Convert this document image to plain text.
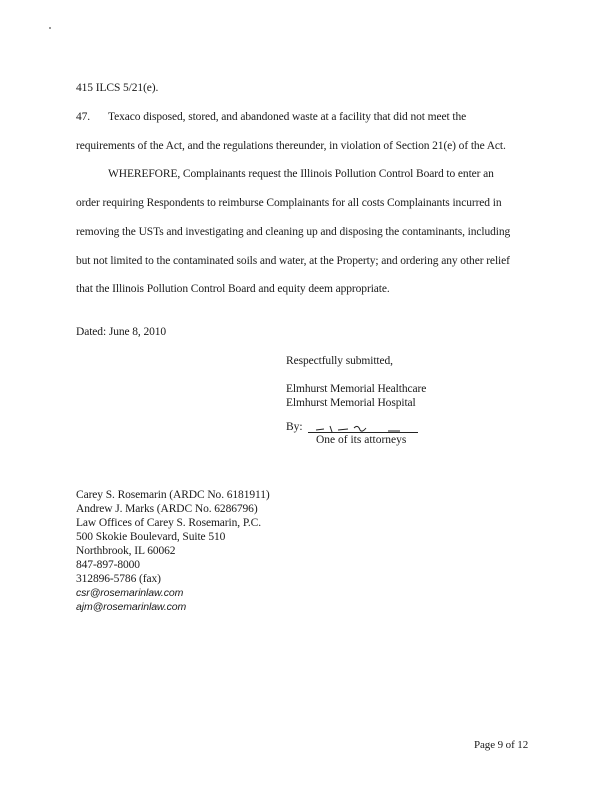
415 ILCS 5/21(e).
47. Texaco disposed, stored, and abandoned waste at a facility that did not meet the
requirements of the Act, and the regulations thereunder, in violation of Section 21(e) of the Act.
WHEREFORE, Complainants request the Illinois Pollution Control Board to enter an
order requiring Respondents to reimburse Complainants for all costs Complainants incurred in
removing the USTs and investigating and cleaning up and disposing the contaminants, including
but not limited to the contaminated soils and water, at the Property; and ordering any other relief
that the Illinois Pollution Control Board and equity deem appropriate.
Dated: June 8, 2010
Respectfully submitted,
Elmhurst Memorial Healthcare
Elmhurst Memorial Hospital
By:
One of its attorneys
Carey S. Rosemarin (ARDC No. 6181911)
Andrew J. Marks (ARDC No. 6286796)
Law Offices of Carey S. Rosemarin, P.C.
500 Skokie Boulevard, Suite 510
Northbrook, IL 60062
847-897-8000
312896-5786 (fax)
csr@rosemarinlaw.com
ajm@rosemarinlaw.com
Page 9 of 12
